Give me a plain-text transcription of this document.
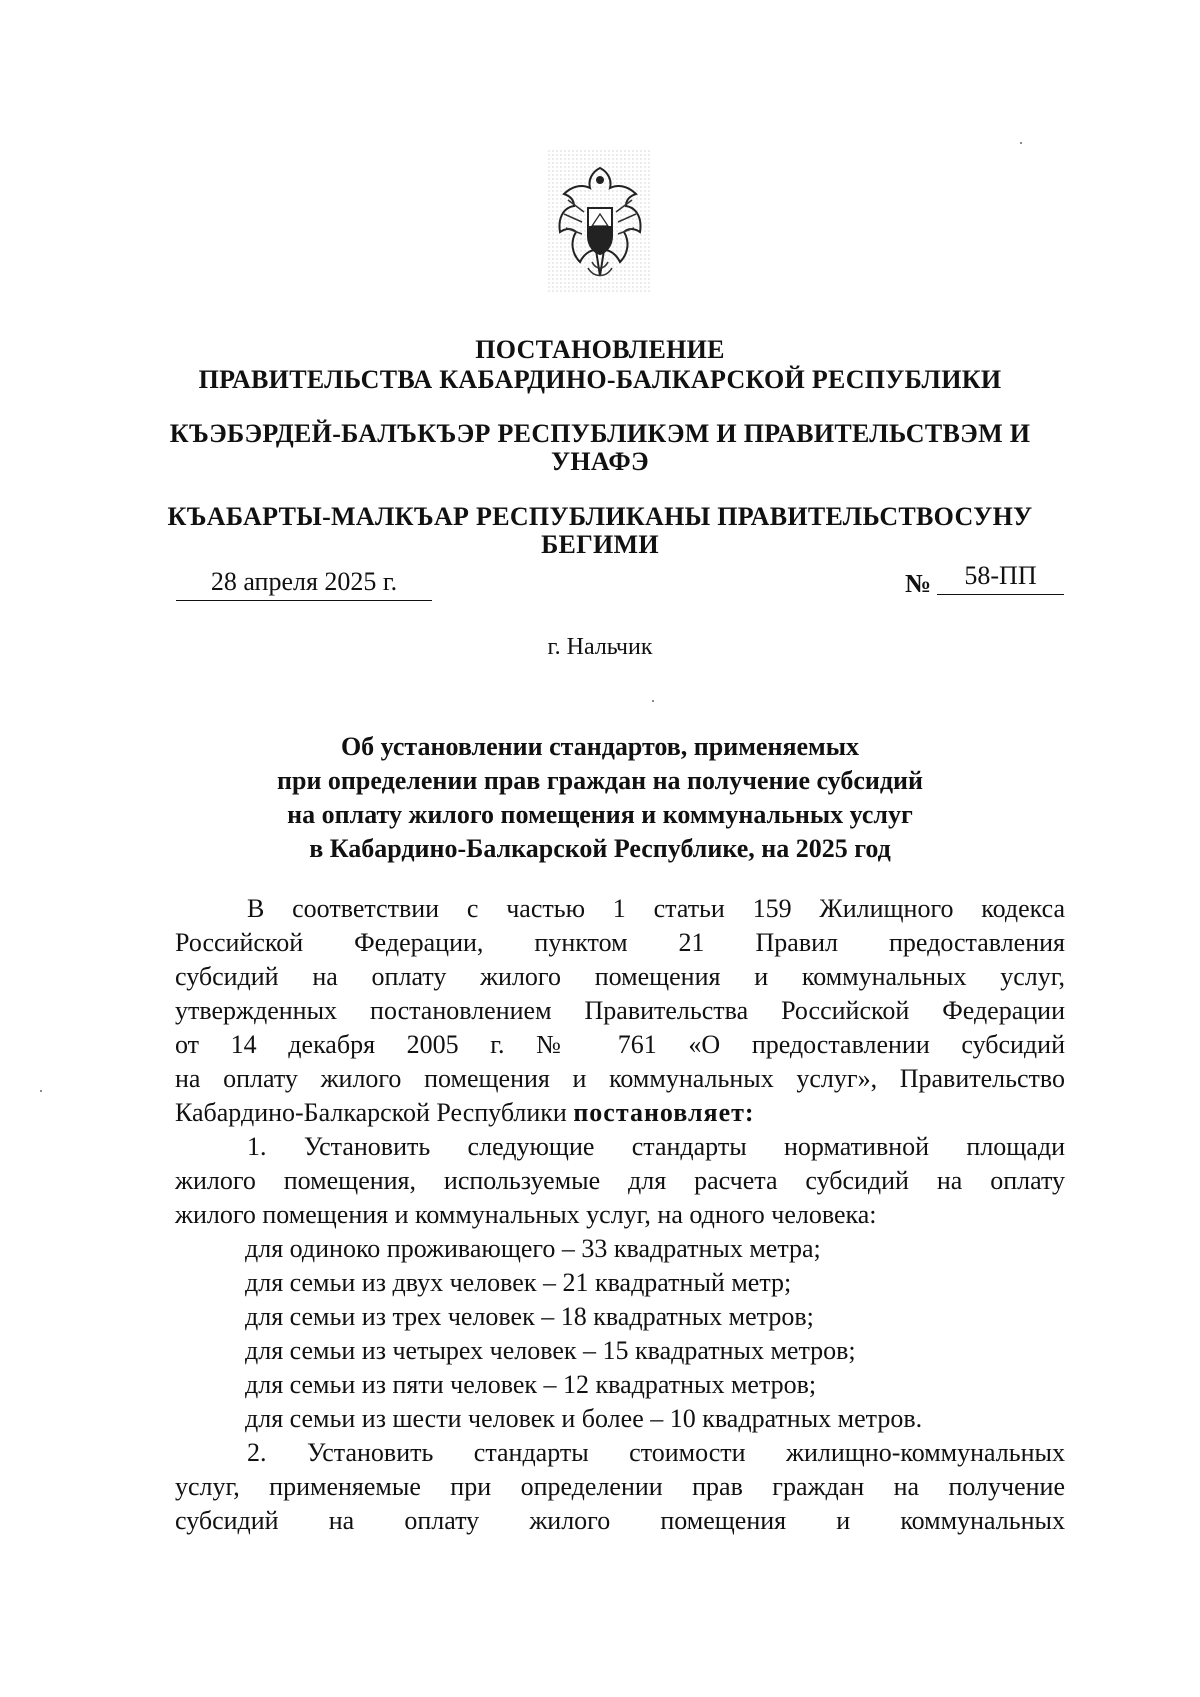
ПОСТАНОВЛЕНИЕ
ПРАВИТЕЛЬСТВА КАБАРДИНО-БАЛКАРСКОЙ РЕСПУБЛИКИ
КЪЭБЭРДЕЙ-БАЛЪКЪЭР РЕСПУБЛИКЭМ И ПРАВИТЕЛЬСТВЭМ И
УНАФЭ
КЪАБАРТЫ-МАЛКЪАР РЕСПУБЛИКАНЫ ПРАВИТЕЛЬСТВОСУНУ
БЕГИМИ
28 апреля 2025 г.	№	58-ПП
г. Нальчик
Об установлении стандартов, применяемых
при определении прав граждан на получение субсидий
на оплату жилого помещения и коммунальных услуг
в Кабардино-Балкарской Республике, на 2025 год
В соответствии с частью 1 статьи 159 Жилищного кодекса
Российской Федерации, пунктом 21 Правил предоставления
субсидий на оплату жилого помещения и коммунальных услуг,
утвержденных постановлением Правительства Российской Федерации
от 14 декабря 2005 г. № 761 «О предоставлении субсидий
на оплату жилого помещения и коммунальных услуг», Правительство
Кабардино-Балкарской Республики постановляет:
1. Установить следующие стандарты нормативной площади
жилого помещения, используемые для расчета субсидий на оплату
жилого помещения и коммунальных услуг, на одного человека:
для одиноко проживающего – 33 квадратных метра;
для семьи из двух человек – 21 квадратный метр;
для семьи из трех человек – 18 квадратных метров;
для семьи из четырех человек – 15 квадратных метров;
для семьи из пяти человек – 12 квадратных метров;
для семьи из шести человек и более – 10 квадратных метров.
2. Установить стандарты стоимости жилищно-коммунальных
услуг, применяемые при определении прав граждан на получение
субсидий на оплату жилого помещения и коммунальных
